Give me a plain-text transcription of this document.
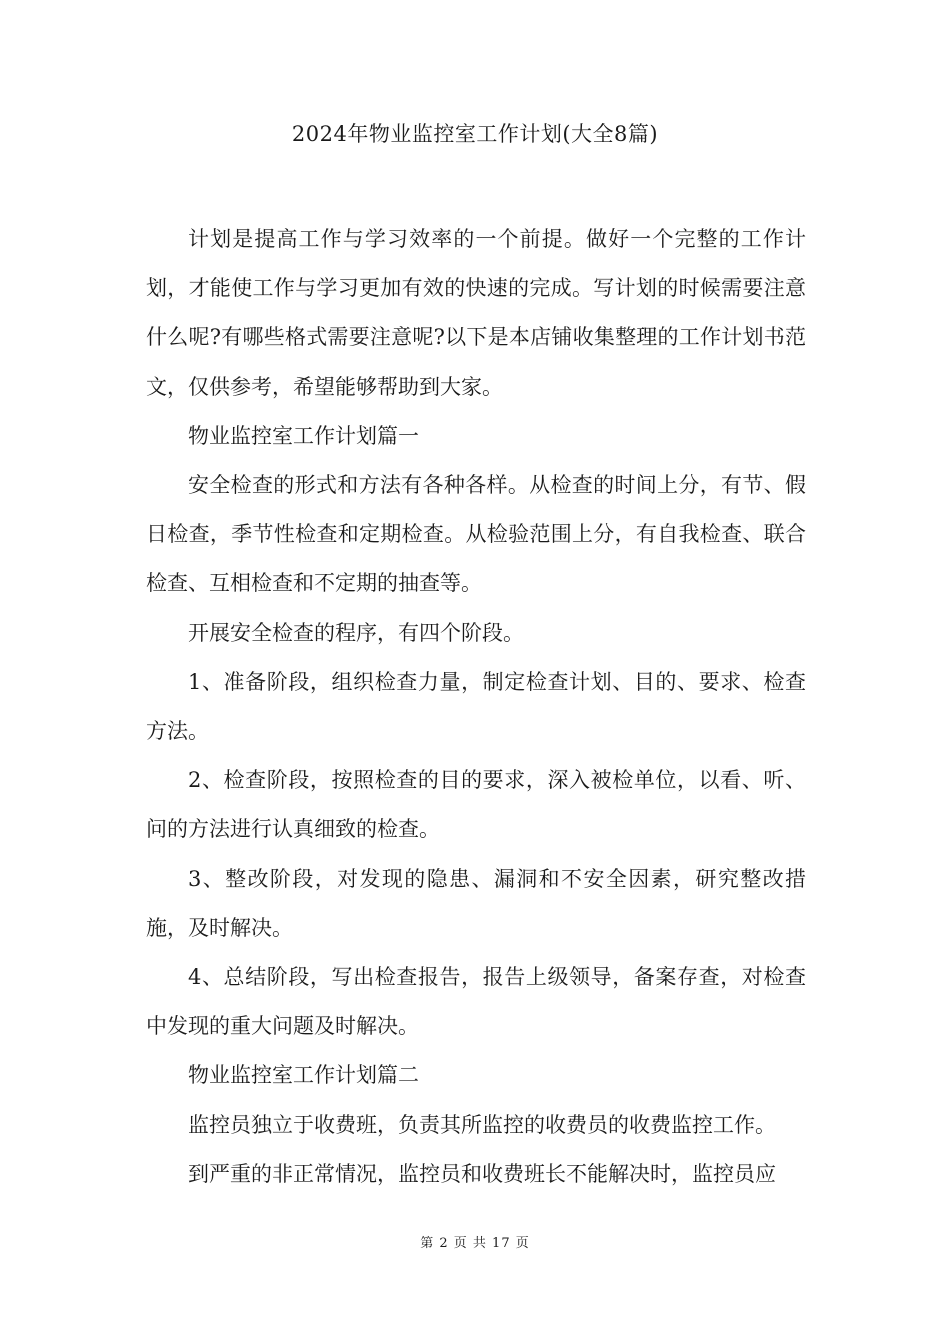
2024年物业监控室工作计划(大全8篇)

计划是提高工作与学习效率的一个前提。做好一个完整的工作计划，才能使工作与学习更加有效的快速的完成。写计划的时候需要注意什么呢?有哪些格式需要注意呢?以下是本店铺收集整理的工作计划书范文，仅供参考，希望能够帮助到大家。

物业监控室工作计划篇一

安全检查的形式和方法有各种各样。从检查的时间上分，有节、假日检查，季节性检查和定期检查。从检验范围上分，有自我检查、联合检查、互相检查和不定期的抽查等。

开展安全检查的程序，有四个阶段。

1、准备阶段，组织检查力量，制定检查计划、目的、要求、检查方法。

2、检查阶段，按照检查的目的要求，深入被检单位，以看、听、问的方法进行认真细致的检查。

3、整改阶段，对发现的隐患、漏洞和不安全因素，研究整改措施，及时解决。

4、总结阶段，写出检查报告，报告上级领导，备案存查，对检查中发现的重大问题及时解决。

物业监控室工作计划篇二

监控员独立于收费班，负责其所监控的收费员的收费监控工作。

到严重的非正常情况，监控员和收费班长不能解决时，监控员应

第 2 页 共 17 页
